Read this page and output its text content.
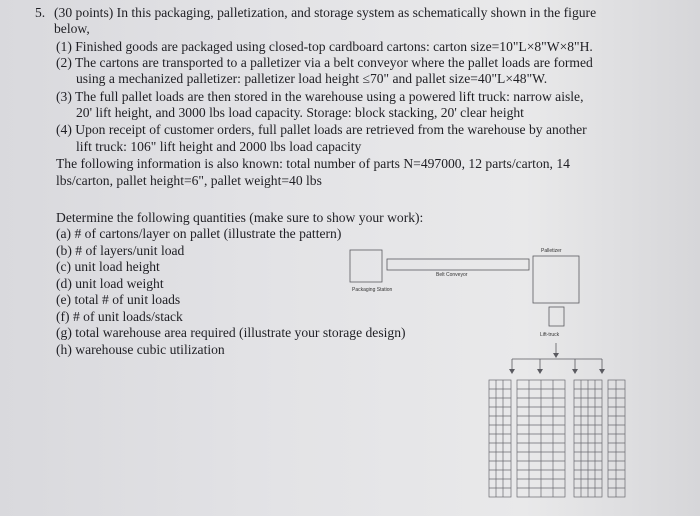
5. (30 points) In this packaging, palletization, and storage system as schematically shown in the figure
below,
(1) Finished goods are packaged using closed-top cardboard cartons: carton size=10"L×8"W×8"H.
(2) The cartons are transported to a palletizer via a belt conveyor where the pallet loads are formed
using a mechanized palletizer: palletizer load height ≤70" and pallet size=40"L×48"W.
(3) The full pallet loads are then stored in the warehouse using a powered lift truck: narrow aisle,
20' lift height, and 3000 lbs load capacity. Storage: block stacking, 20' clear height
(4) Upon receipt of customer orders, full pallet loads are retrieved from the warehouse by another
lift truck: 106" lift height and 2000 lbs load capacity
The following information is also known: total number of parts N=497000, 12 parts/carton, 14
lbs/carton, pallet height=6", pallet weight=40 lbs
Determine the following quantities (make sure to show your work):
(a) # of cartons/layer on pallet (illustrate the pattern)
(b) # of layers/unit load
(c) unit load height
(d) unit load weight
(e) total # of unit loads
(f) # of unit loads/stack
(g) total warehouse area required (illustrate your storage design)
(h) warehouse cubic utilization
Palletizer
Belt Conveyor
Packaging Station
Lift-truck
